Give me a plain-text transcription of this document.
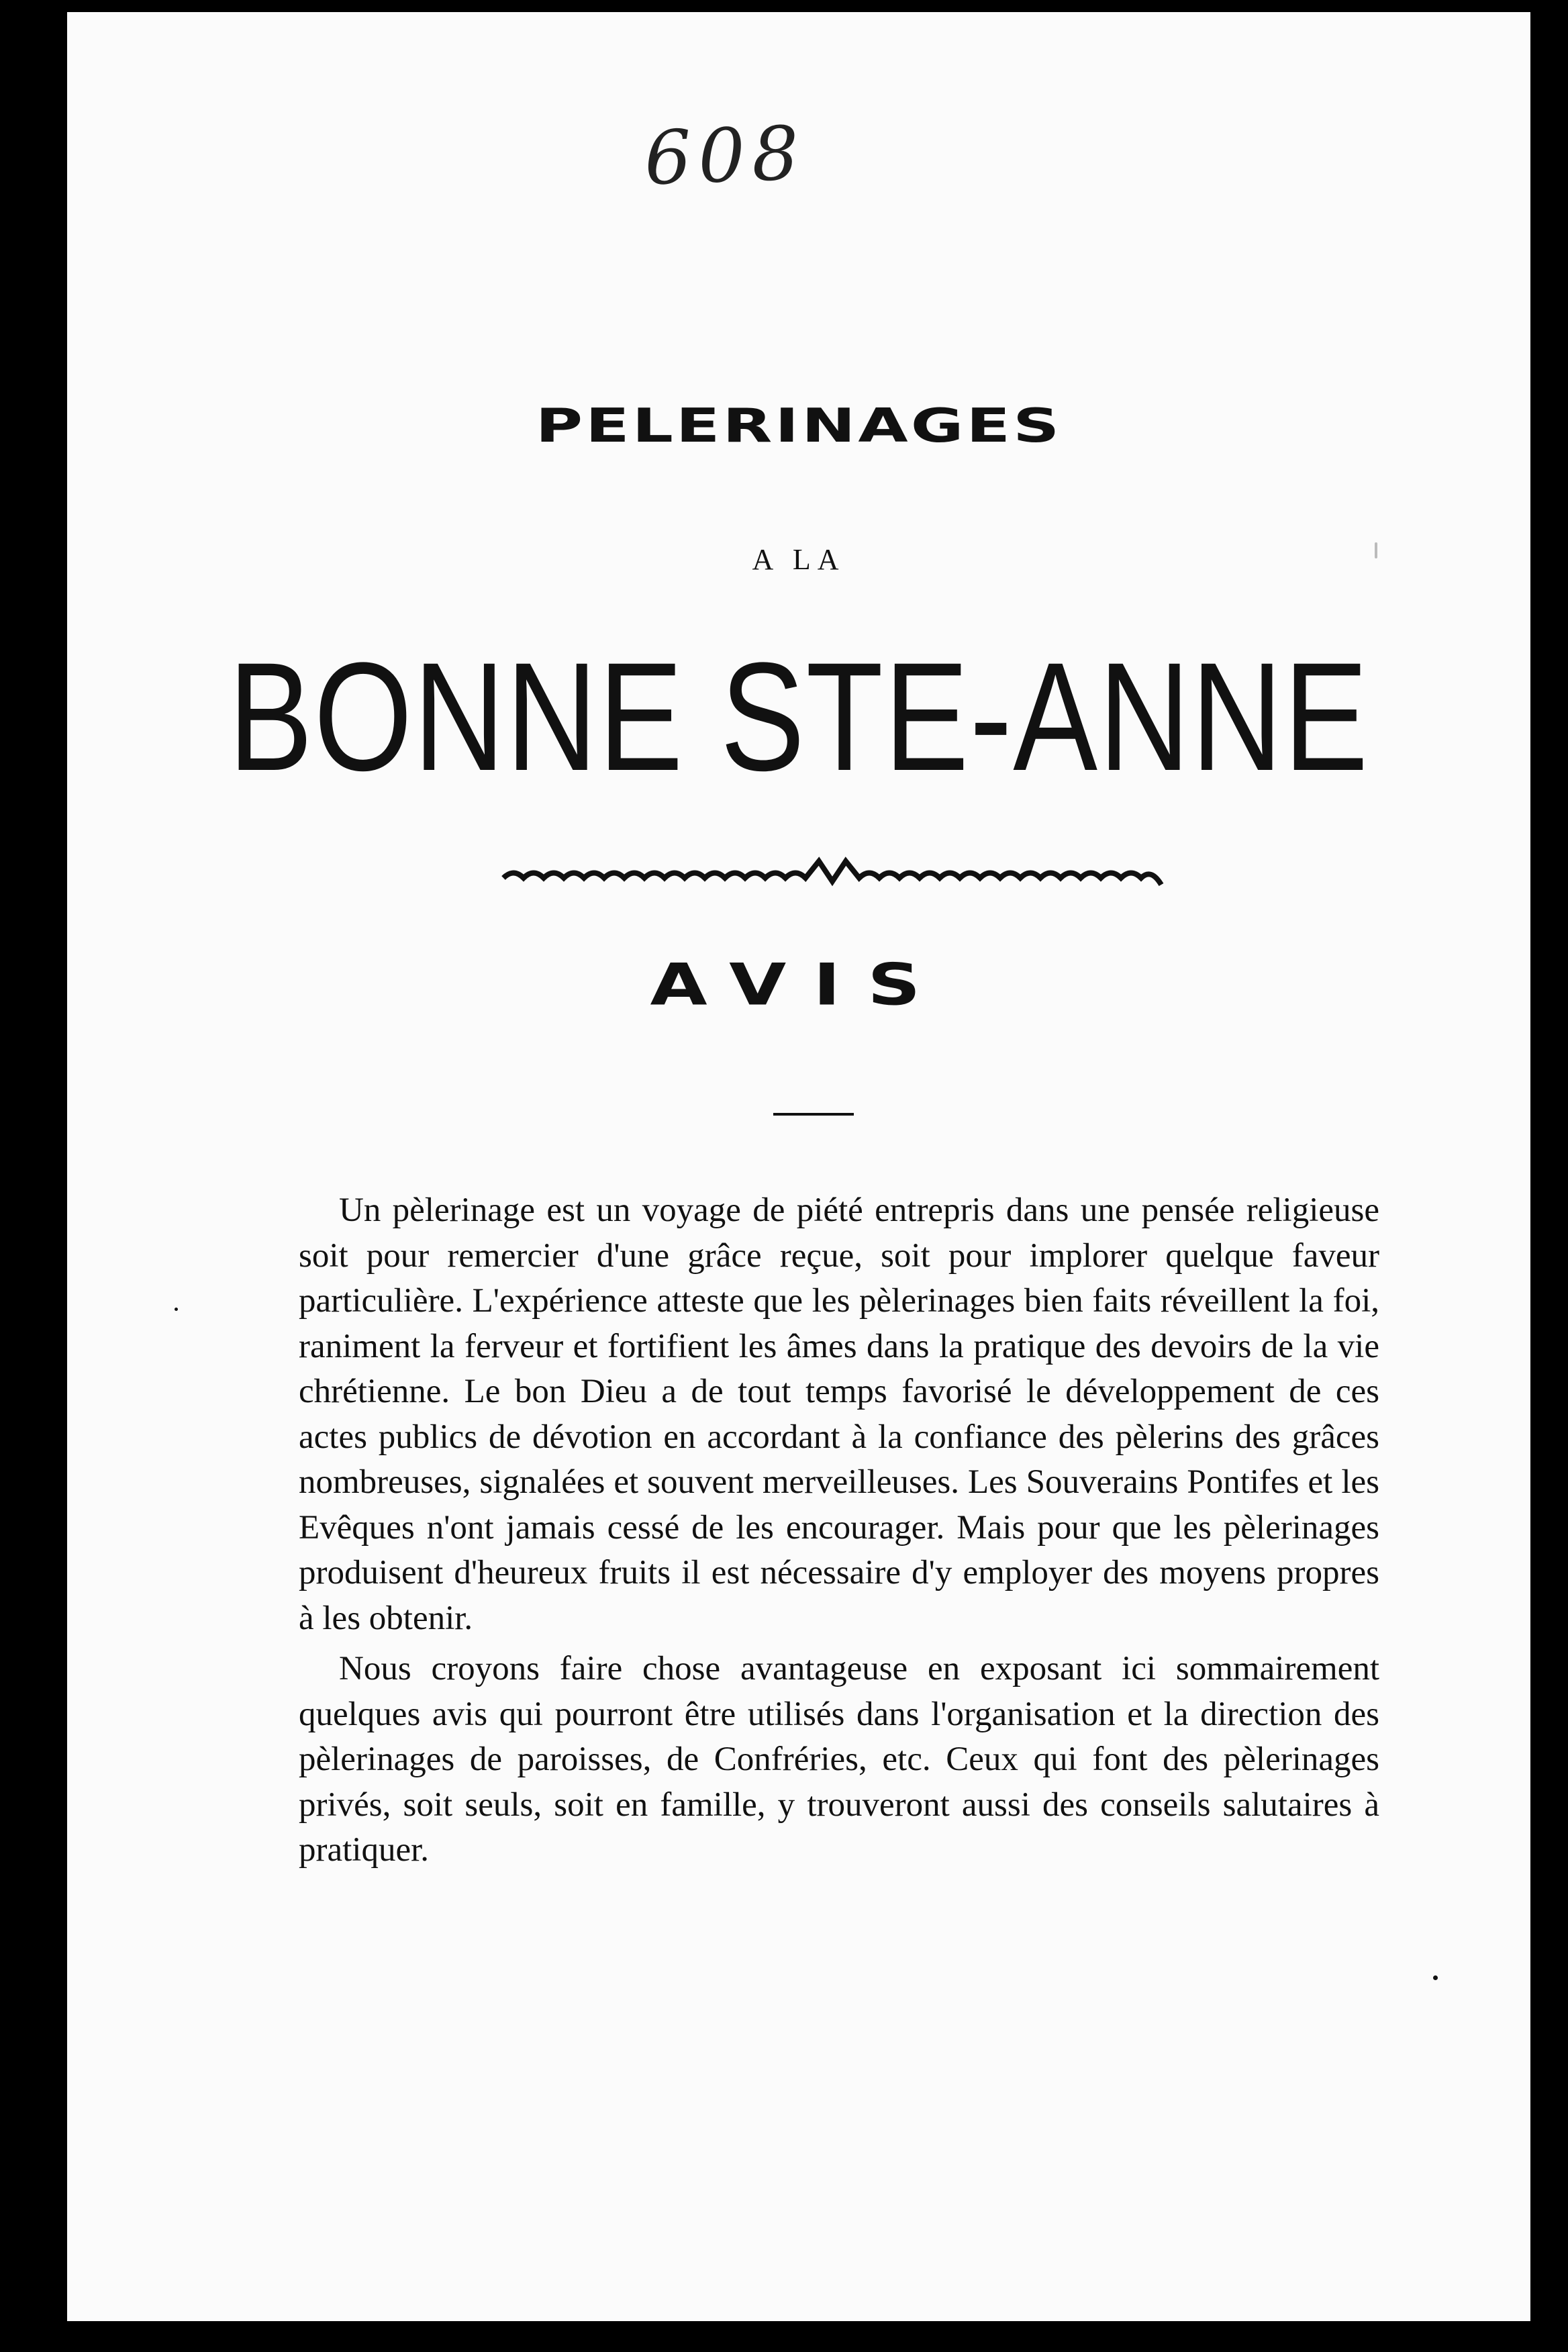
608
PELERINAGES
A LA
BONNE STE-ANNE
AVIS

Un pèlerinage est un voyage de piété entrepris dans une pensée religieuse soit pour remercier d'une grâce reçue, soit pour implorer quelque faveur particulière. L'expérience atteste que les pèlerinages bien faits réveillent la foi, raniment la ferveur et fortifient les âmes dans la pratique des devoirs de la vie chrétienne. Le bon Dieu a de tout temps favorisé le développement de ces actes publics de dévotion en accordant à la confiance des pèlerins des grâces nombreuses, signalées et souvent merveilleuses. Les Souverains Pontifes et les Evêques n'ont jamais cessé de les encourager. Mais pour que les pèlerinages produisent d'heureux fruits il est nécessaire d'y employer des moyens propres à les obtenir.

Nous croyons faire chose avantageuse en exposant ici sommairement quelques avis qui pourront être utilisés dans l'organisation et la direction des pèlerinages de paroisses, de Confréries, etc. Ceux qui font des pèlerinages privés, soit seuls, soit en famille, y trouveront aussi des conseils salutaires à pratiquer.
